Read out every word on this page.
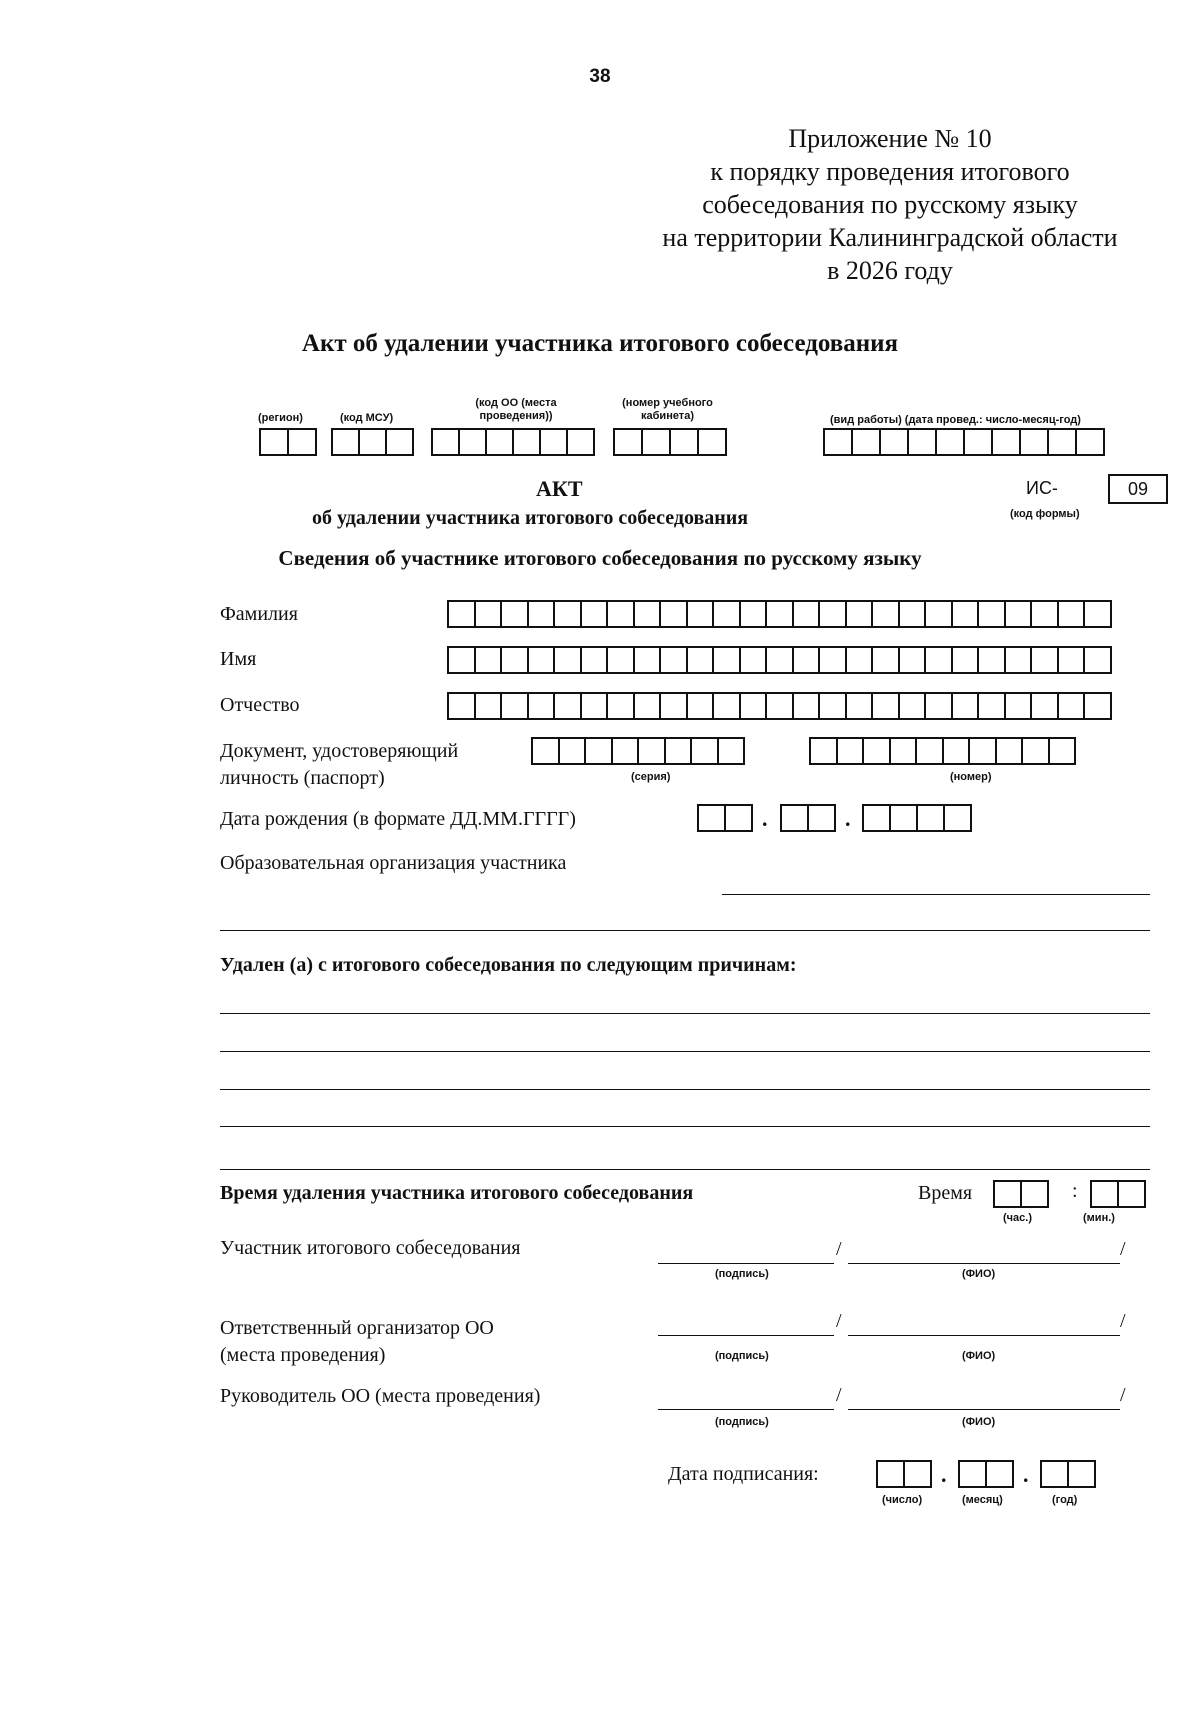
38
Приложение № 10
к порядку проведения итогового
собеседования по русскому языку
на территории Калининградской области
в 2026 году
Акт об удалении участника итогового собеседования
(регион)	(код МСУ)
(код ОО (места проведения))
(номер учебного кабинета)	(вид работы) (дата провед.: число-месяц-год)
АКТ
об удалении участника итогового собеседования
ИС-	09
(код формы)
Сведения об участнике итогового собеседования по русскому языку
Фамилия
Имя
Отчество
Документ, удостоверяющий
личность (паспорт)	(серия)	(номер)
Дата рождения (в формате ДД.ММ.ГГГГ)	.	.
Образовательная организация участника
Удален (а) с итогового собеседования по следующим причинам:
Время удаления участника итогового собеседования	Время	:
(час.)	(мин.)
Участник итогового собеседования	/	/
(подпись)	(ФИО)
Ответственный организатор ОО
(места проведения)
/	/
(подпись)	(ФИО)
Руководитель ОО (места проведения)	/	/
(подпись)	(ФИО)
Дата подписания:	.	.
(число)	(месяц)	(год)
